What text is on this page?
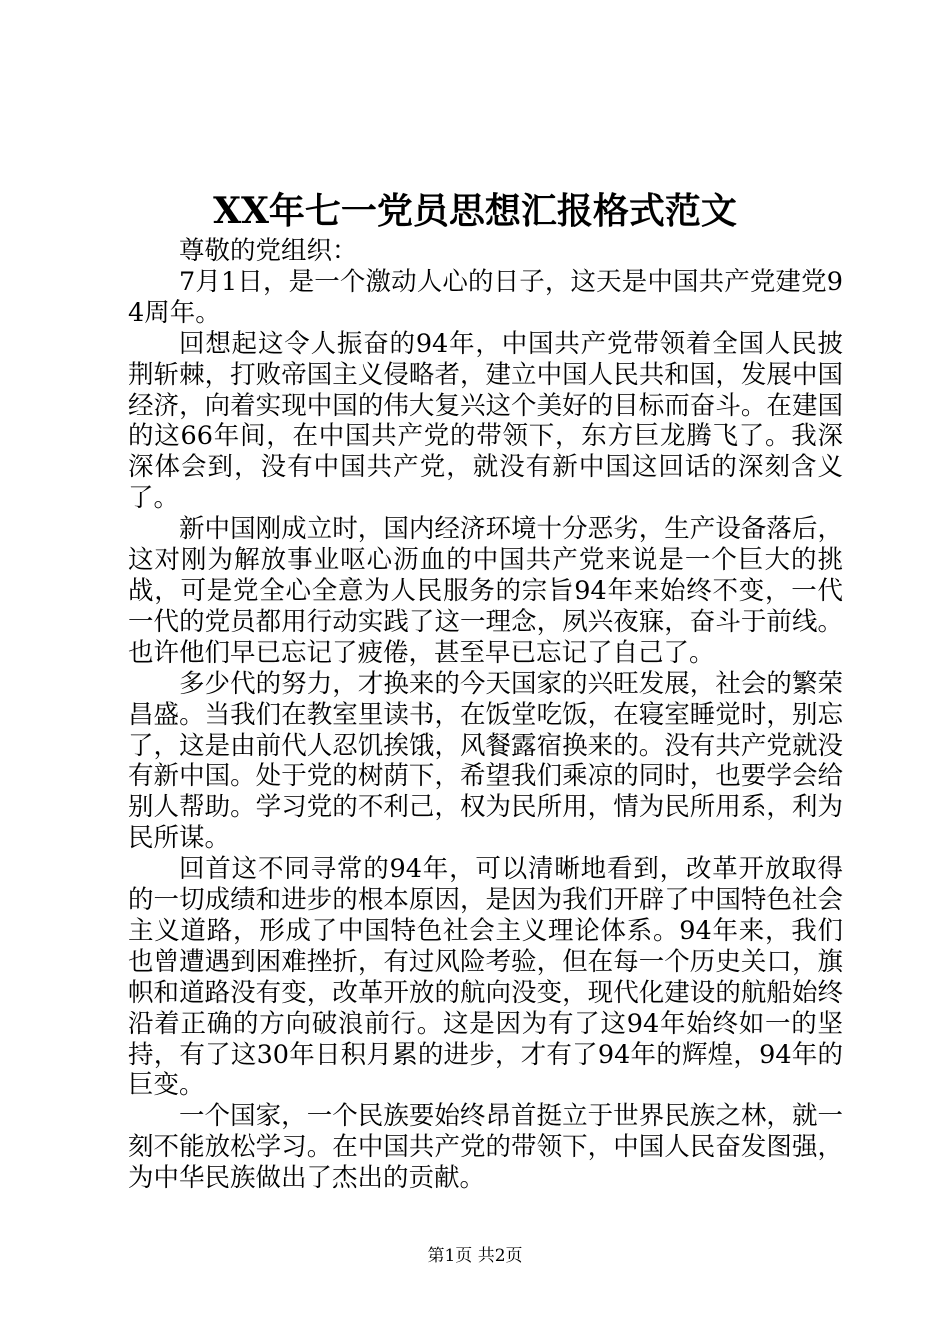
XX年七一党员思想汇报格式范文

尊敬的党组织：

7月1日，是一个激动人心的日子，这天是中国共产党建党94周年。

回想起这令人振奋的94年，中国共产党带领着全国人民披荆斩棘，打败帝国主义侵略者，建立中国人民共和国，发展中国经济，向着实现中国的伟大复兴这个美好的目标而奋斗。在建国的这66年间，在中国共产党的带领下，东方巨龙腾飞了。我深深体会到，没有中国共产党，就没有新中国这回话的深刻含义了。

新中国刚成立时，国内经济环境十分恶劣，生产设备落后，这对刚为解放事业呕心沥血的中国共产党来说是一个巨大的挑战，可是党全心全意为人民服务的宗旨94年来始终不变，一代一代的党员都用行动实践了这一理念，夙兴夜寐，奋斗于前线。也许他们早已忘记了疲倦，甚至早已忘记了自己了。

多少代的努力，才换来的今天国家的兴旺发展，社会的繁荣昌盛。当我们在教室里读书，在饭堂吃饭，在寝室睡觉时，别忘了，这是由前代人忍饥挨饿，风餐露宿换来的。没有共产党就没有新中国。处于党的树荫下，希望我们乘凉的同时，也要学会给别人帮助。学习党的不利己，权为民所用，情为民所用系，利为民所谋。

回首这不同寻常的94年，可以清晰地看到，改革开放取得的一切成绩和进步的根本原因，是因为我们开辟了中国特色社会主义道路，形成了中国特色社会主义理论体系。94年来，我们也曾遭遇到困难挫折，有过风险考验，但在每一个历史关口，旗帜和道路没有变，改革开放的航向没变，现代化建设的航船始终沿着正确的方向破浪前行。这是因为有了这94年始终如一的坚持，有了这30年日积月累的进步，才有了94年的辉煌，94年的巨变。

一个国家，一个民族要始终昂首挺立于世界民族之林，就一刻不能放松学习。在中国共产党的带领下，中国人民奋发图强，为中华民族做出了杰出的贡献。

第1页 共2页
